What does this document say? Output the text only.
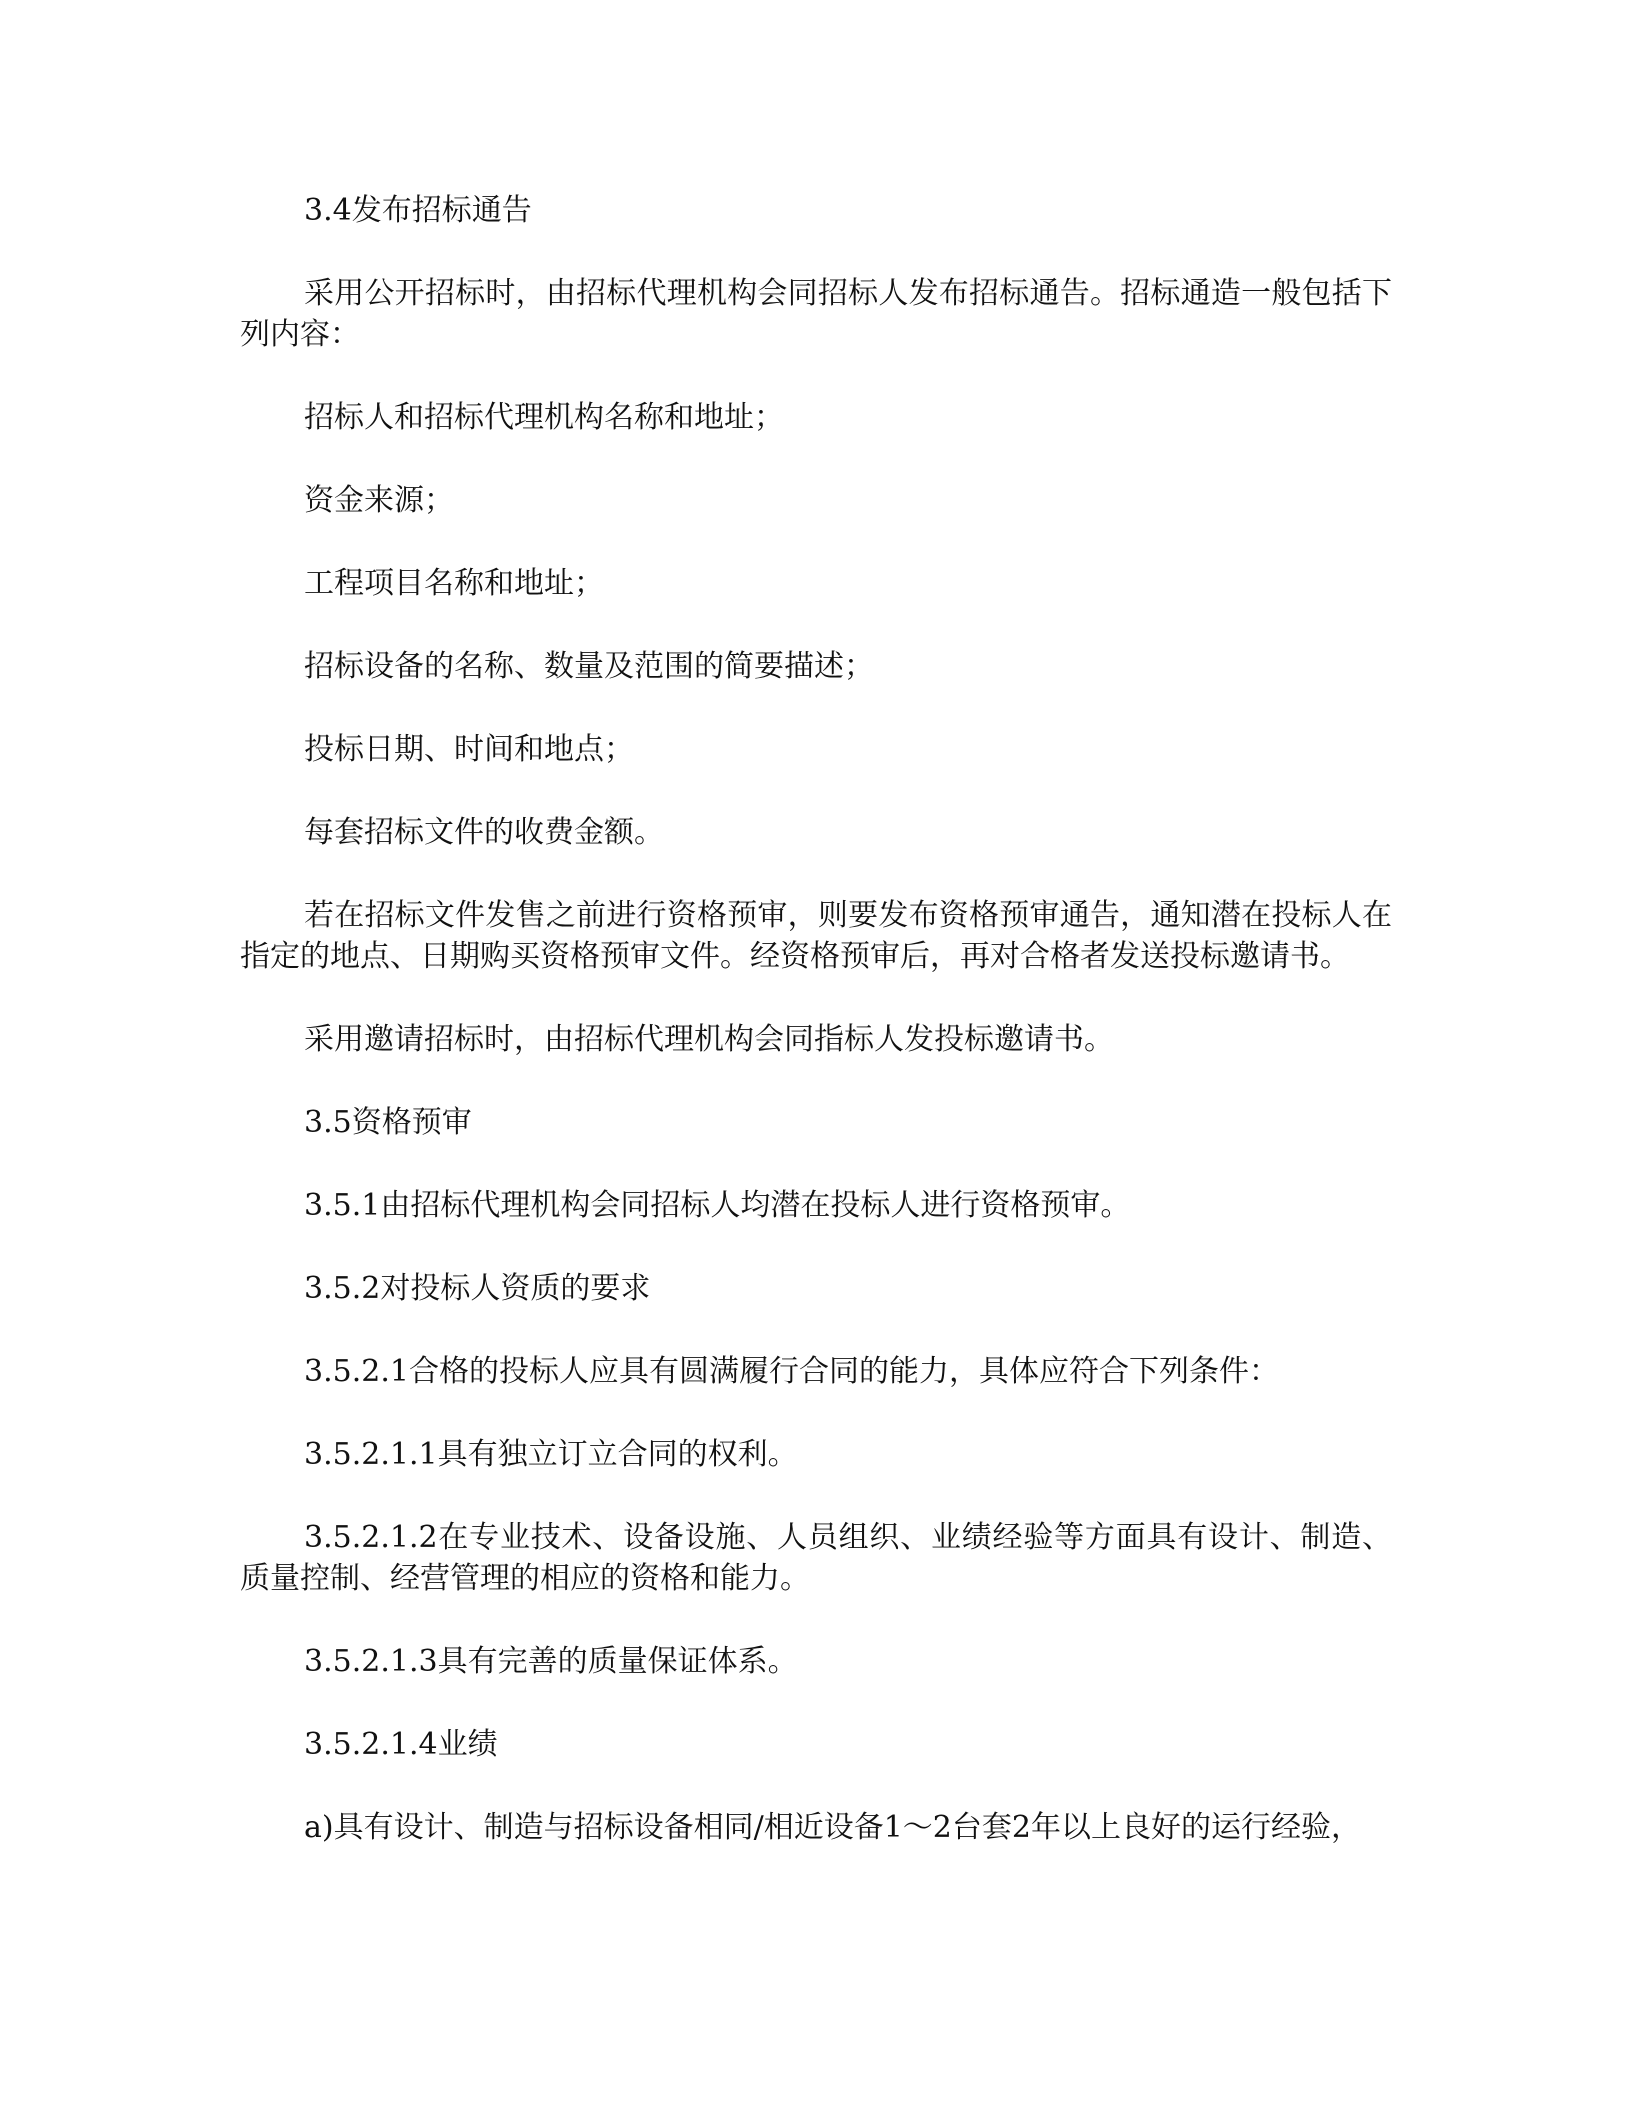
3.4发布招标通告

采用公开招标时，由招标代理机构会同招标人发布招标通告。招标通造一般包括下列内容：

招标人和招标代理机构名称和地址；

资金来源；

工程项目名称和地址；

招标设备的名称、数量及范围的简要描述；

投标日期、时间和地点；

每套招标文件的收费金额。

若在招标文件发售之前进行资格预审，则要发布资格预审通告，通知潜在投标人在指定的地点、日期购买资格预审文件。经资格预审后，再对合格者发送投标邀请书。

采用邀请招标时，由招标代理机构会同指标人发投标邀请书。

3.5资格预审

3.5.1由招标代理机构会同招标人均潜在投标人进行资格预审。

3.5.2对投标人资质的要求

3.5.2.1合格的投标人应具有圆满履行合同的能力，具体应符合下列条件：

3.5.2.1.1具有独立订立合同的权利。

3.5.2.1.2在专业技术、设备设施、人员组织、业绩经验等方面具有设计、制造、质量控制、经营管理的相应的资格和能力。

3.5.2.1.3具有完善的质量保证体系。

3.5.2.1.4业绩

a)具有设计、制造与招标设备相同/相近设备1～2台套2年以上良好的运行经验，
